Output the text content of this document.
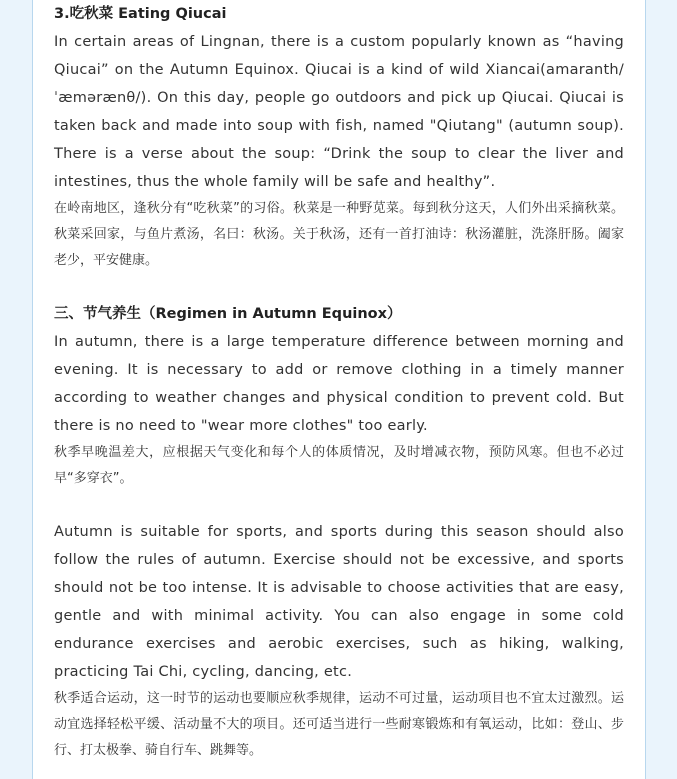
3.吃秋菜 Eating Qiucai

In certain areas of Lingnan, there is a custom popularly known as “having Qiucai” on the Autumn Equinox. Qiucai is a kind of wild Xiancai(amaranth/ ˈæmərænθ/). On this day, people go outdoors and pick up Qiucai. Qiucai is taken back and made into soup with fish, named "Qiutang" (autumn soup). There is a verse about the soup: “Drink the soup to clear the liver and intestines, thus the whole family will be safe and healthy”.

在岭南地区，逢秋分有“吃秋菜”的习俗。秋菜是一种野苋菜。每到秋分这天，人们外出采摘秋菜。秋菜采回家，与鱼片煮汤，名曰：秋汤。关于秋汤，还有一首打油诗：秋汤灌脏，洗涤肝肠。阖家老少，平安健康。

三、节气养生（Regimen in Autumn Equinox）

In autumn, there is a large temperature difference between morning and evening. It is necessary to add or remove clothing in a timely manner according to weather changes and physical condition to prevent cold. But there is no need to "wear more clothes" too early.

秋季早晚温差大，应根据天气变化和每个人的体质情况，及时增减衣物，预防风寒。但也不必过早“多穿衣”。

Autumn is suitable for sports, and sports during this season should also follow the rules of autumn. Exercise should not be excessive, and sports should not be too intense. It is advisable to choose activities that are easy, gentle and with minimal activity. You can also engage in some cold endurance exercises and aerobic exercises, such as hiking, walking, practicing Tai Chi, cycling, dancing, etc.

秋季适合运动，这一时节的运动也要顺应秋季规律，运动不可过量，运动项目也不宜太过激烈。运动宜选择轻松平缓、活动量不大的项目。还可适当进行一些耐寒锻炼和有氧运动，比如：登山、步行、打太极拳、骑自行车、跳舞等。
